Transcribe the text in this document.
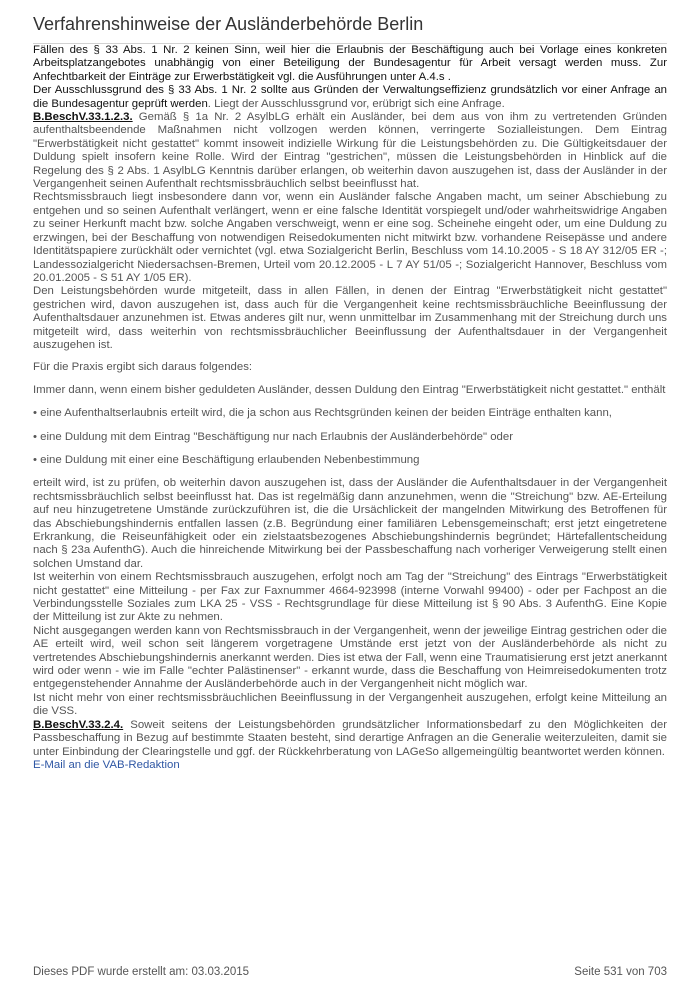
Verfahrenshinweise der Ausländerbehörde Berlin

Fällen des § 33 Abs. 1 Nr. 2 keinen Sinn, weil hier die Erlaubnis der Beschäftigung auch bei Vorlage eines konkreten Arbeitsplatzangebotes unabhängig von einer Beteiligung der Bundesagentur für Arbeit versagt werden muss. Zur Anfechtbarkeit der Einträge zur Erwerbstätigkeit vgl. die Ausführungen unter A.4.s .

Der Ausschlussgrund des § 33 Abs. 1 Nr. 2 sollte aus Gründen der Verwaltungseffizienz grundsätzlich vor einer Anfrage an die Bundesagentur geprüft werden. Liegt der Ausschlussgrund vor, erübrigt sich eine Anfrage.

B.BeschV.33.1.2.3. Gemäß § 1a Nr. 2 AsylbLG erhält ein Ausländer, bei dem aus von ihm zu vertretenden Gründen aufenthaltsbeendende Maßnahmen nicht vollzogen werden können, verringerte Sozialleistungen. Dem Eintrag "Erwerbstätigkeit nicht gestattet" kommt insoweit indizielle Wirkung für die Leistungsbehörden zu. Die Gültigkeitsdauer der Duldung spielt insofern keine Rolle. Wird der Eintrag "gestrichen", müssen die Leistungsbehörden in Hinblick auf die Regelung des § 2 Abs. 1 AsylbLG Kenntnis darüber erlangen, ob weiterhin davon auszugehen ist, dass der Ausländer in der Vergangenheit seinen Aufenthalt rechtsmissbräuchlich selbst beeinflusst hat.

Rechtsmissbrauch liegt insbesondere dann vor, wenn ein Ausländer falsche Angaben macht, um seiner Abschiebung zu entgehen und so seinen Aufenthalt verlängert, wenn er eine falsche Identität vorspiegelt und/oder wahrheitswidrige Angaben zu seiner Herkunft macht bzw. solche Angaben verschweigt, wenn er eine sog. Scheinehe eingeht oder, um eine Duldung zu erzwingen, bei der Beschaffung von notwendigen Reisedokumenten nicht mitwirkt bzw. vorhandene Reisepässe und andere Identitätspapiere zurückhält oder vernichtet (vgl. etwa Sozialgericht Berlin, Beschluss vom 14.10.2005 - S 18 AY 312/05 ER -; Landessozialgericht Niedersachsen-Bremen, Urteil vom 20.12.2005 - L 7 AY 51/05 -; Sozialgericht Hannover, Beschluss vom 20.01.2005 - S 51 AY 1/05 ER).

Den Leistungsbehörden wurde mitgeteilt, dass in allen Fällen, in denen der Eintrag "Erwerbstätigkeit nicht gestattet" gestrichen wird, davon auszugehen ist, dass auch für die Vergangenheit keine rechtsmissbräuchliche Beeinflussung der Aufenthaltsdauer anzunehmen ist. Etwas anderes gilt nur, wenn unmittelbar im Zusammenhang mit der Streichung durch uns mitgeteilt wird, dass weiterhin von rechtsmissbräuchlicher Beeinflussung der Aufenthaltsdauer in der Vergangenheit auszugehen ist.

Für die Praxis ergibt sich daraus folgendes:

Immer dann, wenn einem bisher geduldeten Ausländer, dessen Duldung den Eintrag "Erwerbstätigkeit nicht gestattet." enthält

• eine Aufenthaltserlaubnis erteilt wird, die ja schon aus Rechtsgründen keinen der beiden Einträge enthalten kann,

• eine Duldung mit dem Eintrag "Beschäftigung nur nach Erlaubnis der Ausländerbehörde" oder

• eine Duldung mit einer eine Beschäftigung erlaubenden Nebenbestimmung

erteilt wird, ist zu prüfen, ob weiterhin davon auszugehen ist, dass der Ausländer die Aufenthaltsdauer in der Vergangenheit rechtsmissbräuchlich selbst beeinflusst hat. Das ist regelmäßig dann anzunehmen, wenn die "Streichung" bzw. AE-Erteilung auf neu hinzugetretene Umstände zurückzuführen ist, die die Ursächlickeit der mangelnden Mitwirkung des Betroffenen für das Abschiebungshindernis entfallen lassen (z.B. Begründung einer familiären Lebensgemeinschaft; erst jetzt eingetretene Erkrankung, die Reiseunfähigkeit oder ein zielstaatsbezogenes Abschiebungshindernis begründet; Härtefallentscheidung nach § 23a AufenthG). Auch die hinreichende Mitwirkung bei der Passbeschaffung nach vorheriger Verweigerung stellt einen solchen Umstand dar.

Ist weiterhin von einem Rechtsmissbrauch auszugehen, erfolgt noch am Tag der "Streichung" des Eintrags "Erwerbstätigkeit nicht gestattet" eine Mitteilung - per Fax zur Faxnummer 4664-923998 (interne Vorwahl 99400) - oder per Fachpost an die Verbindungsstelle Soziales zum LKA 25 - VSS - Rechtsgrundlage für diese Mitteilung ist § 90 Abs. 3 AufenthG. Eine Kopie der Mitteilung ist zur Akte zu nehmen.

Nicht ausgegangen werden kann von Rechtsmissbrauch in der Vergangenheit, wenn der jeweilige Eintrag gestrichen oder die AE erteilt wird, weil schon seit längerem vorgetragene Umstände erst jetzt von der Ausländerbehörde als nicht zu vertretendes Abschiebungshindernis anerkannt werden. Dies ist etwa der Fall, wenn eine Traumatisierung erst jetzt anerkannt wird oder wenn - wie im Falle "echter Palästinenser" - erkannt wurde, dass die Beschaffung von Heimreisedokumenten trotz entgegenstehender Annahme der Ausländerbehörde auch in der Vergangenheit nicht möglich war.

Ist nicht mehr von einer rechtsmissbräuchlichen Beeinflussung in der Vergangenheit auszugehen, erfolgt keine Mitteilung an die VSS.

B.BeschV.33.2.4. Soweit seitens der Leistungsbehörden grundsätzlicher Informationsbedarf zu den Möglichkeiten der Passbeschaffung in Bezug auf bestimmte Staaten besteht, sind derartige Anfragen an die Generalie weiterzuleiten, damit sie unter Einbindung der Clearingstelle und ggf. der Rückkehrberatung von LAGeSo allgemeingültig beantwortet werden können.

E-Mail an die VAB-Redaktion

Dieses PDF wurde erstellt am: 03.03.2015	Seite 531 von 703
